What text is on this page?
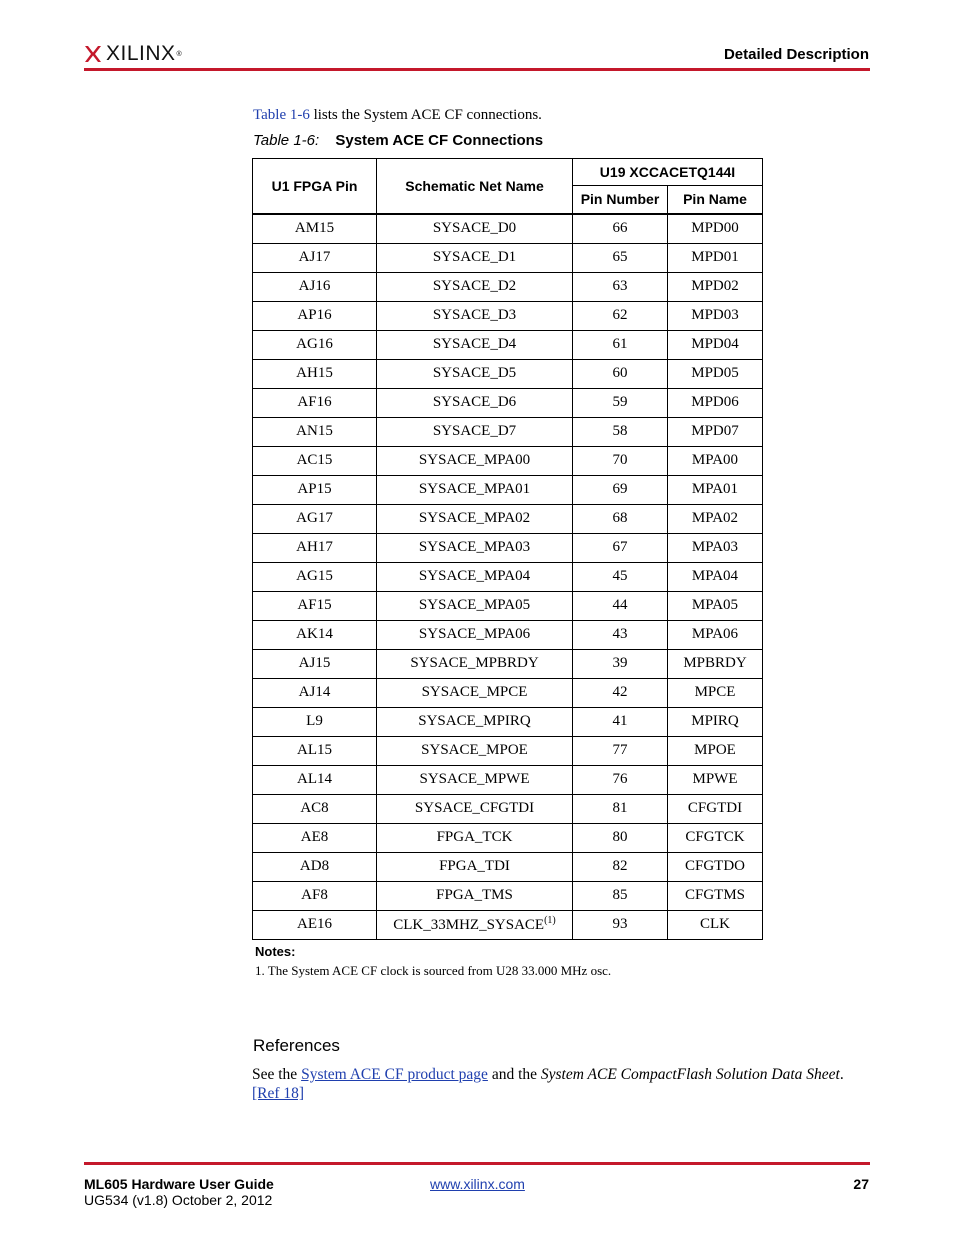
XILINX ®	Detailed Description
Table 1-6 lists the System ACE CF connections.
Table 1-6: System ACE CF Connections
U1 FPGA Pin	Schematic Net Name	U19 XCCACETQ144I	
		Pin Number	Pin Name
AM15	SYSACE_D0	66	MPD00
AJ17	SYSACE_D1	65	MPD01
AJ16	SYSACE_D2	63	MPD02
AP16	SYSACE_D3	62	MPD03
AG16	SYSACE_D4	61	MPD04
AH15	SYSACE_D5	60	MPD05
AF16	SYSACE_D6	59	MPD06
AN15	SYSACE_D7	58	MPD07
AC15	SYSACE_MPA00	70	MPA00
AP15	SYSACE_MPA01	69	MPA01
AG17	SYSACE_MPA02	68	MPA02
AH17	SYSACE_MPA03	67	MPA03
AG15	SYSACE_MPA04	45	MPA04
AF15	SYSACE_MPA05	44	MPA05
AK14	SYSACE_MPA06	43	MPA06
AJ15	SYSACE_MPBRDY	39	MPBRDY
AJ14	SYSACE_MPCE	42	MPCE
L9	SYSACE_MPIRQ	41	MPIRQ
AL15	SYSACE_MPOE	77	MPOE
AL14	SYSACE_MPWE	76	MPWE
AC8	SYSACE_CFGTDI	81	CFGTDI
AE8	FPGA_TCK	80	CFGTCK
AD8	FPGA_TDI	82	CFGTDO
AF8	FPGA_TMS	85	CFGTMS
AE16	CLK_33MHZ_SYSACE$^{(1)}$	93	CLK
Notes:
1. The System ACE CF clock is sourced from U28 33.000 MHz osc.
References
See the System ACE CF product page and the System ACE CompactFlash Solution Data Sheet.
[Ref 18]
ML605 Hardware User Guide
UG534 (v1.8) October 2, 2012
www.xilinx.com	27
